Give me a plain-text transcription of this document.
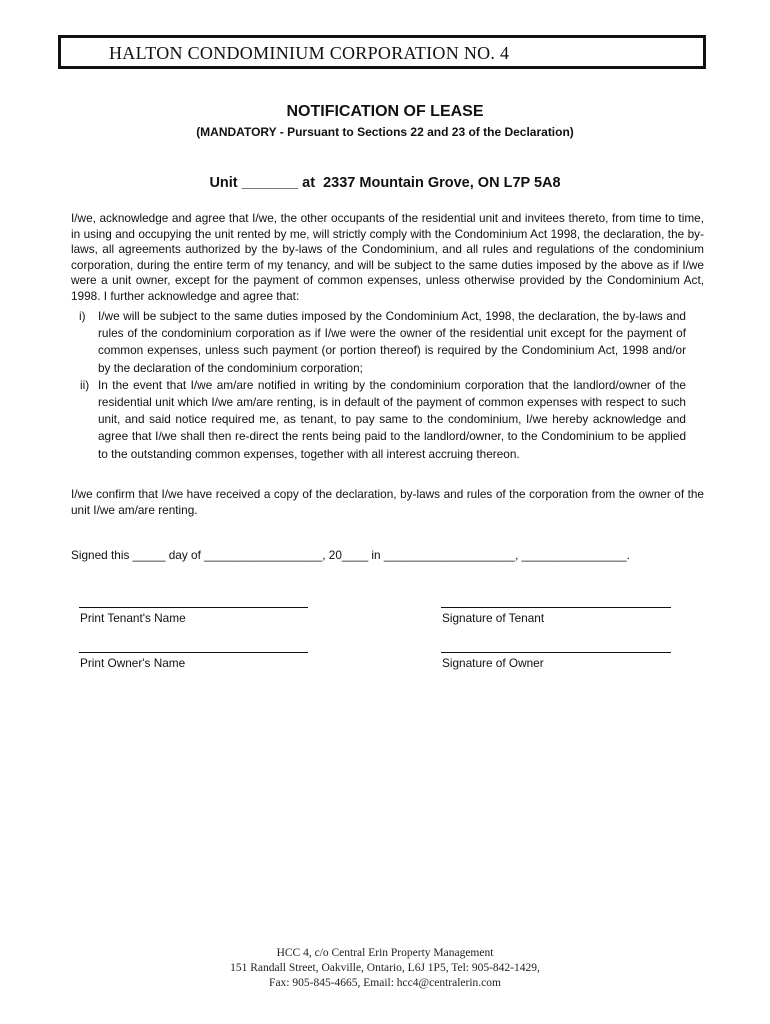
HALTON CONDOMINIUM CORPORATION NO. 4
NOTIFICATION OF LEASE
(MANDATORY - Pursuant to Sections 22 and 23 of the Declaration)
Unit _______ at  2337 Mountain Grove, ON L7P 5A8
I/we, acknowledge and agree that I/we, the other occupants of the residential unit and invitees thereto, from time to time, in using and occupying the unit rented by me, will strictly comply with the Condominium Act 1998, the declaration, the by-laws, all agreements authorized by the by-laws of the Condominium, and all rules and regulations of the condominium corporation, during the entire term of my tenancy, and will be subject to the same duties imposed by the above as if I/we were a unit owner, except for the payment of common expenses, unless otherwise provided by the Condominium Act, 1998. I further acknowledge and agree that:
i) I/we will be subject to the same duties imposed by the Condominium Act, 1998, the declaration, the by-laws and rules of the condominium corporation as if I/we were the owner of the residential unit except for the payment of common expenses, unless such payment (or portion thereof) is required by the Condominium Act, 1998 and/or by the declaration of the condominium corporation;
ii) In the event that I/we am/are notified in writing by the condominium corporation that the landlord/owner of the residential unit which I/we am/are renting, is in default of the payment of common expenses with respect to such unit, and said notice required me, as tenant, to pay same to the condominium, I/we hereby acknowledge and agree that I/we shall then re-direct the rents being paid to the landlord/owner, to the Condominium to be applied to the outstanding common expenses, together with all interest accruing thereon.
I/we confirm that I/we have received a copy of the declaration, by-laws and rules of the corporation from the owner of the unit I/we am/are renting.
Signed this _____ day of __________________, 20____ in ____________________, ________________.
Print Tenant's Name	Signature of Tenant
Print Owner's Name	Signature of Owner
HCC 4, c/o Central Erin Property Management
151 Randall Street, Oakville, Ontario, L6J 1P5, Tel: 905-842-1429,
Fax: 905-845-4665, Email: hcc4@centralerin.com
